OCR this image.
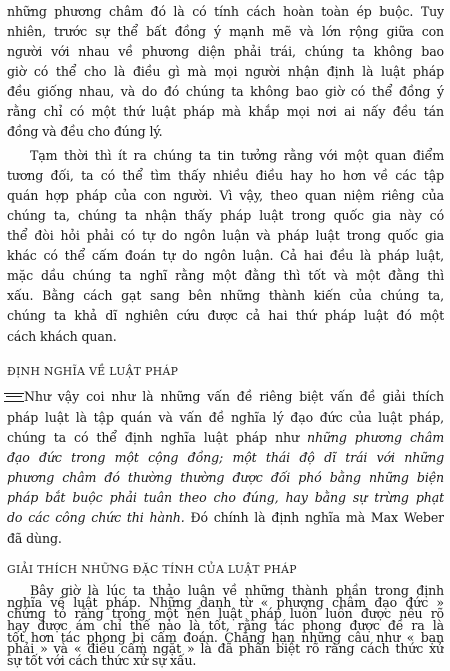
những phương châm đó là có tính cách hoàn toàn ép buộc. Tuy
nhiên, trước sự thể bất đồng ý mạnh mẽ và lớn rộng giữa con
người với nhau về phương diện phải trái, chúng ta không bao
giờ có thể cho là điều gì mà mọi người nhận định là luật pháp
đều giống nhau, và do đó chúng ta không bao giờ có thể đồng ý
rằng chỉ có một thứ luật pháp mà khắp mọi nơi ai nấy đều tán
đồng và đều cho đúng lý.
Tạm thời thì ít ra chúng ta tin tưởng rằng với một quan điểm
tương đối, ta có thể tìm thấy nhiều điều hay ho hơn về các tập
quán hợp pháp của con người. Vì vậy, theo quan niệm riêng của
chúng ta, chúng ta nhận thấy pháp luật trong quốc gia này có
thể đòi hỏi phải có tự do ngôn luận và pháp luật trong quốc gia
khác có thể cấm đoán tự do ngôn luận. Cả hai đều là pháp luật,
mặc dầu chúng ta nghĩ rằng một đằng thì tốt và một đằng thì
xấu. Bằng cách gạt sang bên những thành kiến của chúng ta,
chúng ta khả dĩ nghiên cứu được cả hai thứ pháp luật đó một
cách khách quan.
ĐỊNH NGHĨA VỀ LUẬT PHÁP
Như vậy coi như là những vấn đề riêng biệt vấn đề giải thích
pháp luật là tập quán và vấn đề nghĩa lý đạo đức của luật pháp,
chúng ta có thể định nghĩa luật pháp như những phương châm
đạo đức trong một cộng đồng; một thái độ dĩ trái với những
phương châm đó thường thường được đối phó bằng những biện
pháp bắt buộc phải tuân theo cho đúng, hay bằng sự trừng phạt
do các công chức thi hành. Đó chính là định nghĩa mà Max Weber
đã dùng.
GIẢI THÍCH NHỮNG ĐẶC TÍNH CỦA LUẬT PHÁP
Bây giờ là lúc ta thảo luận về những thành phần trong định
nghĩa về luật pháp. Những danh từ « phương châm đạo đức »
chứng tỏ rằng trong một nền luật pháp luôn luôn được nêu rõ
hay được ám chỉ thế nào là tốt, rằng tác phong được đề ra là
tốt hơn tác phong bị cấm đoán. Chẳng hạn những câu như « bạn
phải » và « điều cấm ngặt » là đã phân biệt rõ ràng cách thức xử
sự tốt với cách thức xử sự xấu.
